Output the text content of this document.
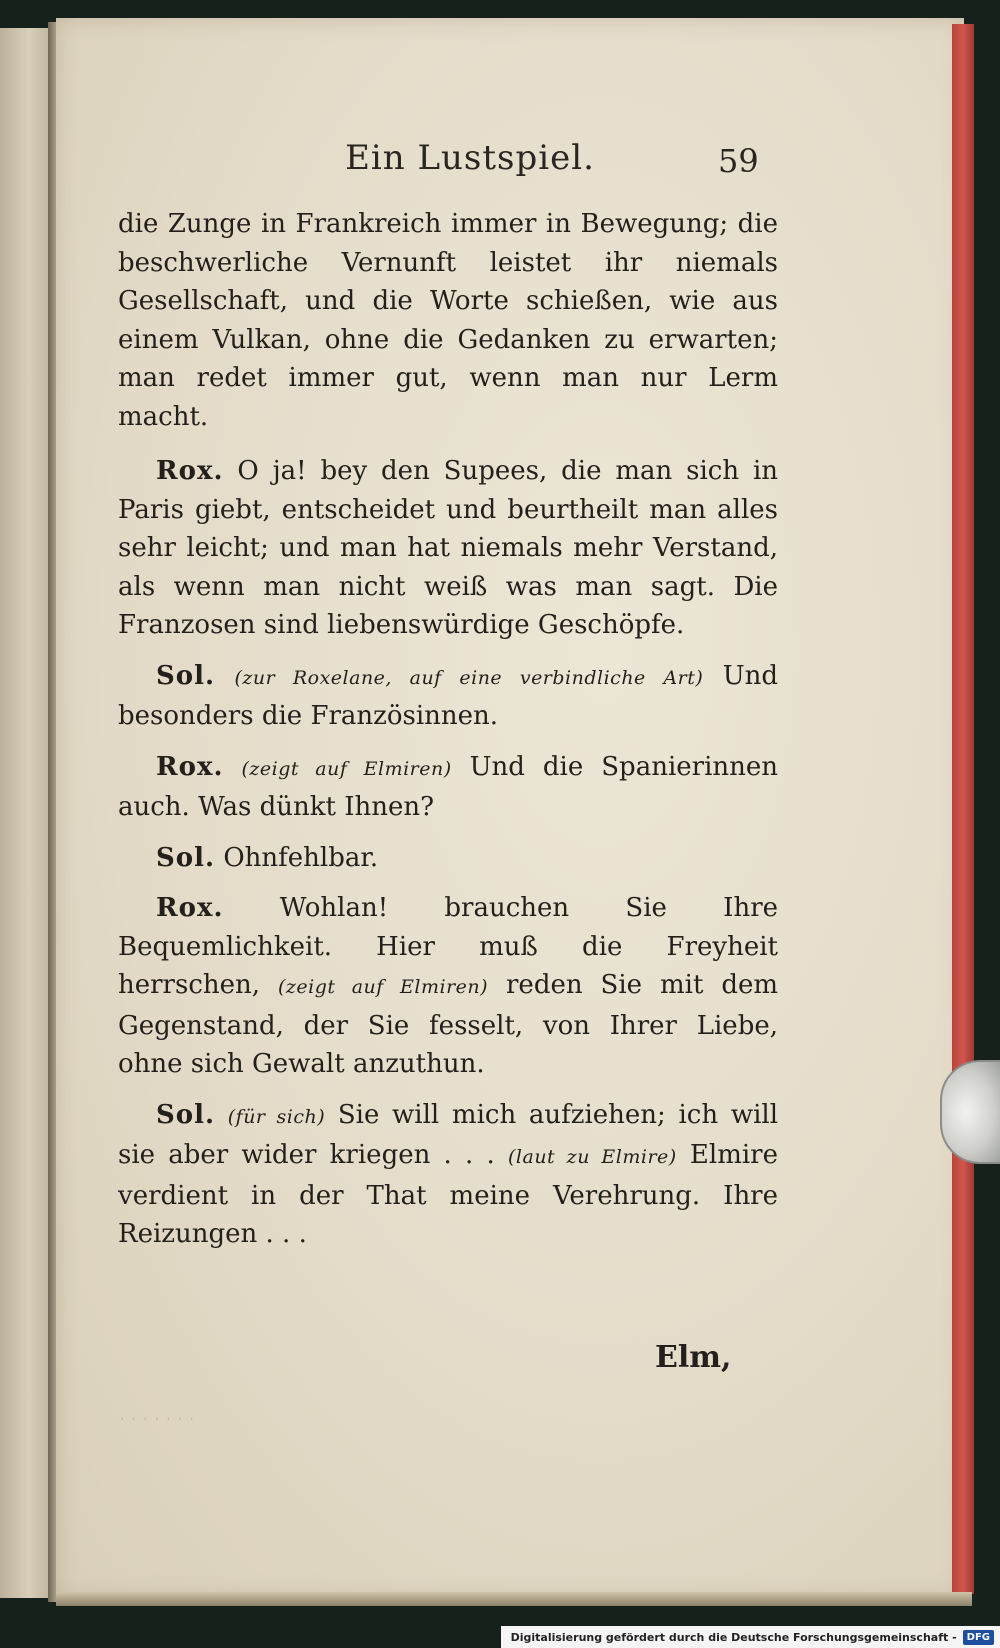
Ein Lustspiel.	59

die Zunge in Frankreich immer in Bewegung; die beschwerliche Vernunft leistet ihr niemals Gesellschaft, und die Worte schießen, wie aus einem Vulkan, ohne die Gedanken zu erwarten; man redet immer gut, wenn man nur Lerm macht.

Rox. O ja! bey den Supees, die man sich in Paris giebt, entscheidet und beurtheilt man alles sehr leicht; und man hat niemals mehr Verstand, als wenn man nicht weiß was man sagt. Die Franzosen sind liebenswürdige Geschöpfe.

Sol. (zur Roxelane, auf eine verbindliche Art) Und besonders die Französinnen.

Rox. (zeigt auf Elmiren) Und die Spanierinnen auch. Was dünkt Ihnen?

Sol. Ohnfehlbar.

Rox. Wohlan! brauchen Sie Ihre Bequemlichkeit. Hier muß die Freyheit herrschen, (zeigt auf Elmiren) reden Sie mit dem Gegenstand, der Sie fesselt, von Ihrer Liebe, ohne sich Gewalt anzuthun.

Sol. (für sich) Sie will mich aufziehen; ich will sie aber wider kriegen . . . (laut zu Elmire) Elmire verdient in der That meine Verehrung. Ihre Reizungen . . .

Elm,
· · · · · · ·
Digitalisierung gefördert durch die Deutsche Forschungsgemeinschaft -	DFG
